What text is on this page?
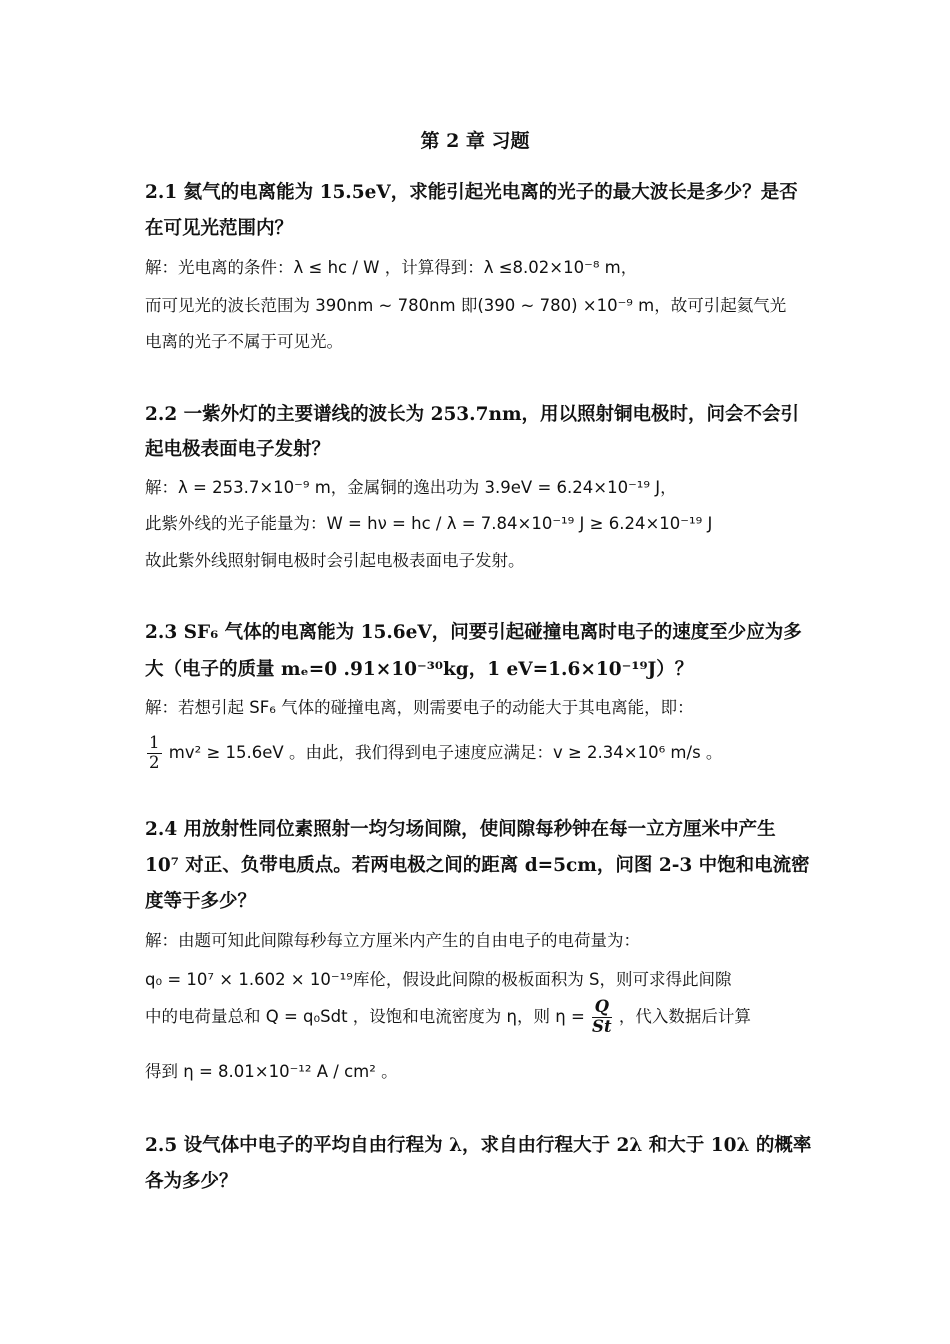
第 2 章 习题
2.1 氦气的电离能为 15.5eV，求能引起光电离的光子的最大波长是多少？是否
在可见光范围内？
解：光电离的条件：λ ≤ hc / W ，计算得到：λ ≤8.02×10⁻⁸ m，
而可见光的波长范围为 390nm ~ 780nm 即(390 ~ 780) ×10⁻⁹ m，故可引起氦气光
电离的光子不属于可见光。
2.2 一紫外灯的主要谱线的波长为 253.7nm，用以照射铜电极时，问会不会引
起电极表面电子发射？
解：λ = 253.7×10⁻⁹ m，金属铜的逸出功为 3.9eV = 6.24×10⁻¹⁹ J，
此紫外线的光子能量为：W = hν = hc / λ = 7.84×10⁻¹⁹ J ≥ 6.24×10⁻¹⁹ J
故此紫外线照射铜电极时会引起电极表面电子发射。
2.3 SF₆ 气体的电离能为 15.6eV，问要引起碰撞电离时电子的速度至少应为多
大（电子的质量 mₑ=0 .91×10⁻³⁰kg，1 eV=1.6×10⁻¹⁹J）？
解：若想引起 SF₆ 气体的碰撞电离，则需要电子的动能大于其电离能，即：
$\frac{1}{2} mv^2 \ge 15.6eV$ 。由此，我们得到电子速度应满足：v ≥ 2.34×10⁶ m/s 。
2.4 用放射性同位素照射一均匀场间隙，使间隙每秒钟在每一立方厘米中产生
10⁷ 对正、负带电质点。若两电极之间的距离 d=5cm，问图 2-3 中饱和电流密
度等于多少？
解：由题可知此间隙每秒每立方厘米内产生的自由电子的电荷量为：
q₀ = 10⁷ × 1.602 × 10⁻¹⁹库伦，假设此间隙的极板面积为 S，则可求得此间隙
中的电荷量总和 Q = q₀Sdt ，设饱和电流密度为 η，则 $\eta = \frac{Q}{St}$ ，代入数据后计算
得到 η = 8.01×10⁻¹² A / cm² 。
2.5 设气体中电子的平均自由行程为 λ，求自由行程大于 2λ 和大于 10λ 的概率
各为多少？
